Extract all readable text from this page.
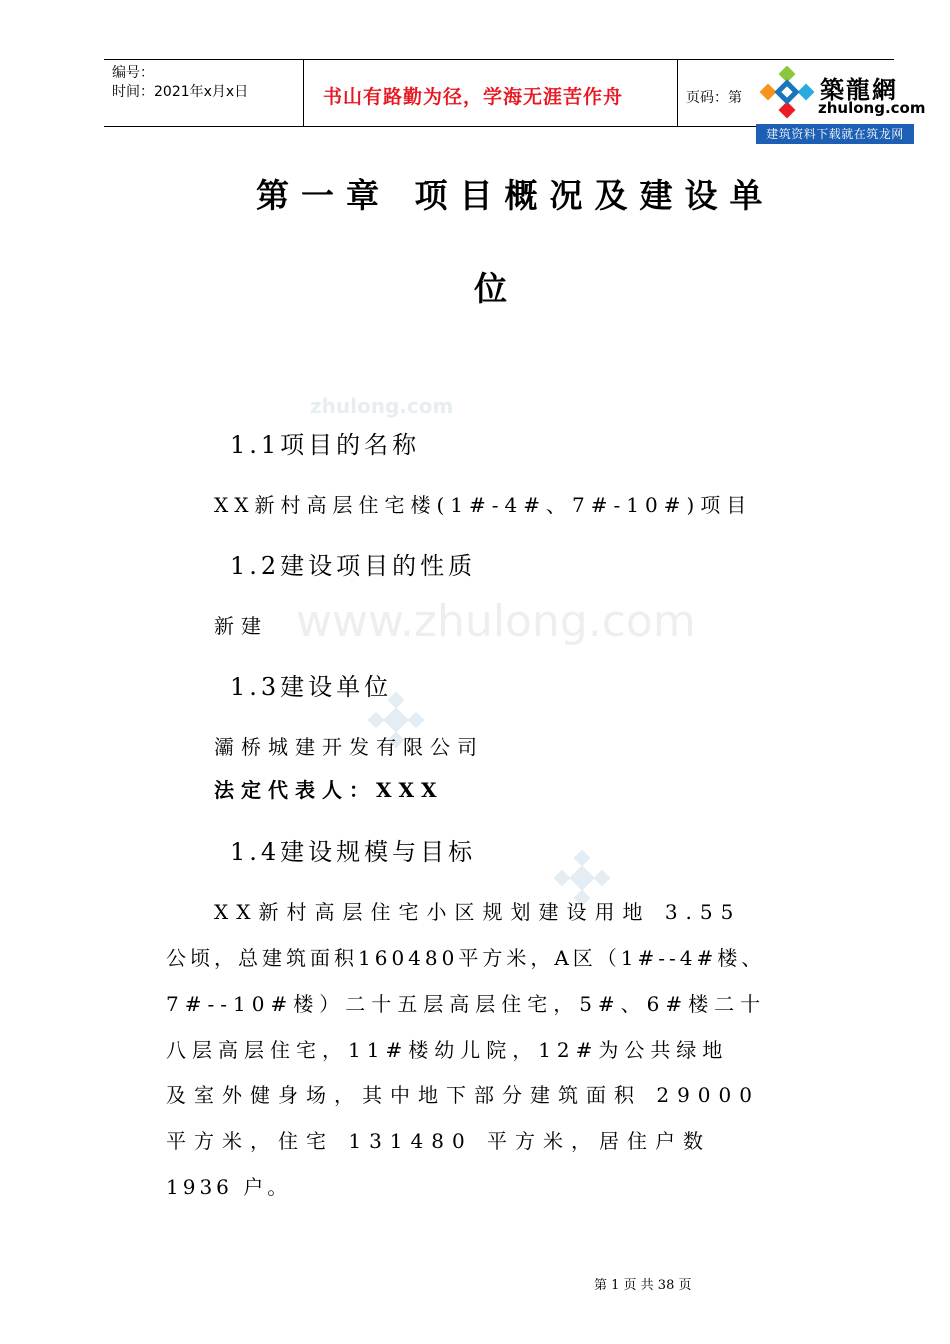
编号：
时间：2021年x月x日	书山有路勤为径，学海无涯苦作舟	页码：第	築龍網
zhulong.com
建筑资料下载就在筑龙网
zhulong.com
www.zhulong.com
第一章 项目概况及建设单
位
1.1项目的名称
XX新村高层住宅楼(1#-4#、7#-10#)项目
1.2建设项目的性质
新建
1.3建设单位
灞桥城建开发有限公司
法定代表人：XXX
1.4建设规模与目标
XX新村高层住宅小区规划建设用地 3.55
公顷，总建筑面积160480平方米，A区（1#--4#楼、
7#--10#楼）二十五层高层住宅，5#、6#楼二十
八层高层住宅，11#楼幼儿院，12#为公共绿地
及室外健身场，其中地下部分建筑面积 29000
平方米，住宅 131480 平方米，居住户数
1936 户。
第 1 页 共 38 页
